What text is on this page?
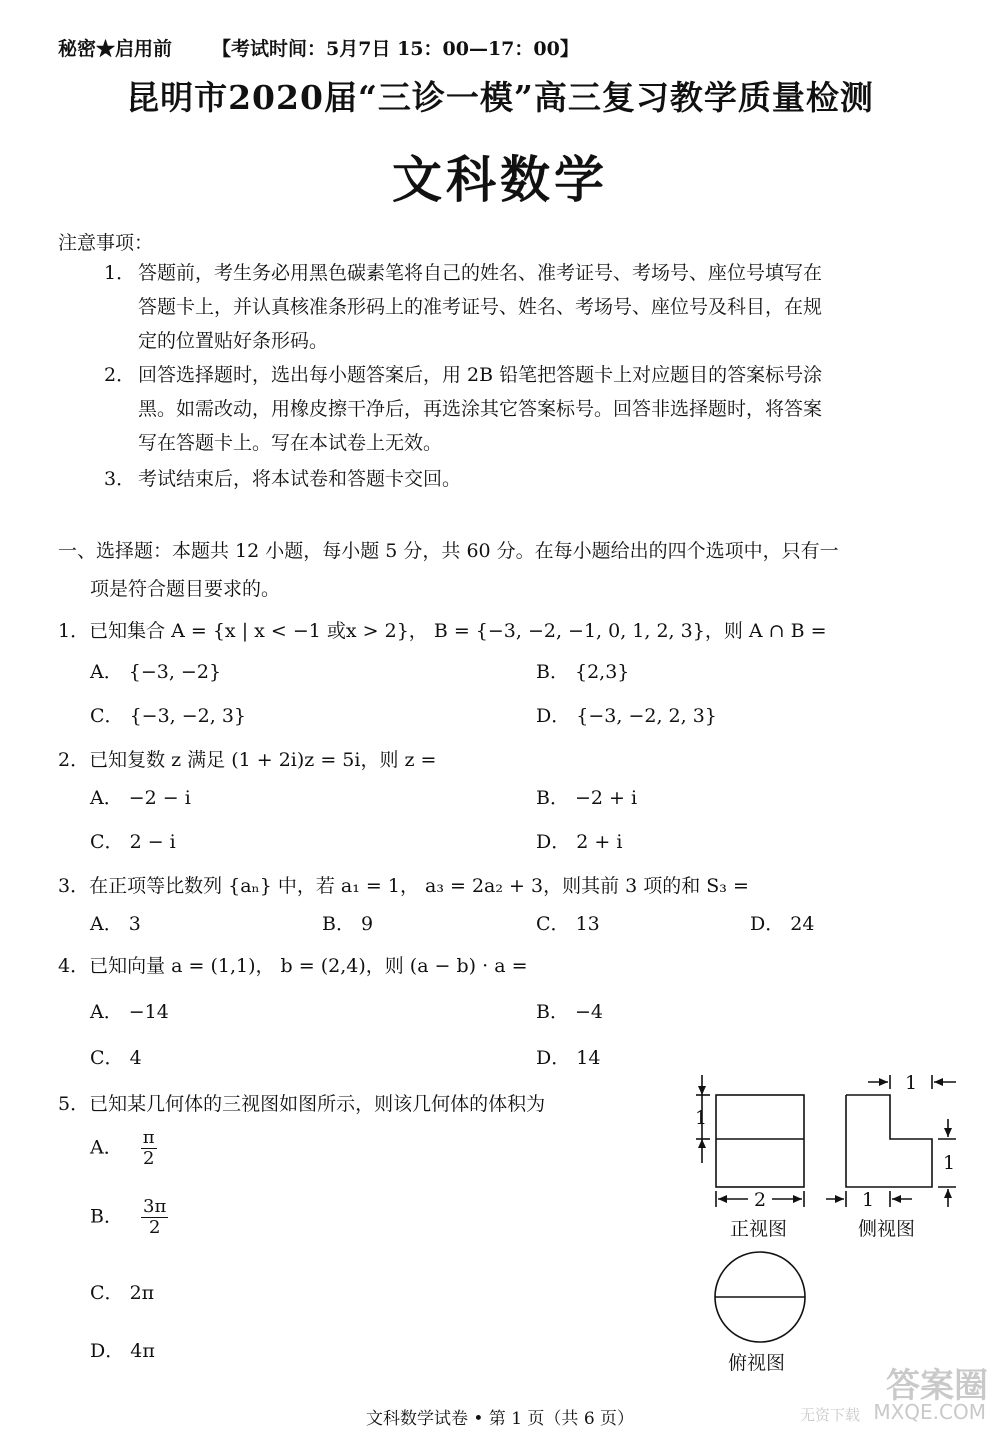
秘密★启用前 【考试时间：5月7日 15：00—17：00】
昆明市2020届“三诊一模”高三复习教学质量检测
文科数学
注意事项：
1． 答题前，考生务必用黑色碳素笔将自己的姓名、准考证号、考场号、座位号填写在
答题卡上，并认真核准条形码上的准考证号、姓名、考场号、座位号及科目，在规
定的位置贴好条形码。
2． 回答选择题时，选出每小题答案后，用 2B 铅笔把答题卡上对应题目的答案标号涂
黑。如需改动，用橡皮擦干净后，再选涂其它答案标号。回答非选择题时，将答案
写在答题卡上。写在本试卷上无效。
3． 考试结束后，将本试卷和答题卡交回。
一、选择题：本题共 12 小题，每小题 5 分，共 60 分。在每小题给出的四个选项中，只有一
项是符合题目要求的。
1．已知集合 A = {x | x < −1 或x > 2}， B = {−3, −2, −1, 0, 1, 2, 3}，则 A ∩ B =
A． {−3, −2}	B． {2,3}
C． {−3, −2, 3}	D． {−3, −2, 2, 3}
2．已知复数 z 满足 (1 + 2i)z = 5i，则 z =
A． −2 − i	B． −2 + i
C． 2 − i	D． 2 + i
3．在正项等比数列 {aₙ} 中，若 a₁ = 1， a₃ = 2a₂ + 3，则其前 3 项的和 S₃ =
A． 3	B． 9	C． 13	D． 24
4．已知向量 a = (1,1)， b = (2,4)，则 (a − b) · a =
A． −14	B． −4
C． 4	D． 14
5．已知某几何体的三视图如图所示，则该几何体的体积为
A． $\frac{\pi}{2}$
B． $\frac{3\pi}{2}$
C． 2π
D． 4π
1
2
1
1
1
正视图	侧视图
俯视图
文科数学试卷 • 第 1 页（共 6 页）
答案圈
MXQE.COM
无资下载
